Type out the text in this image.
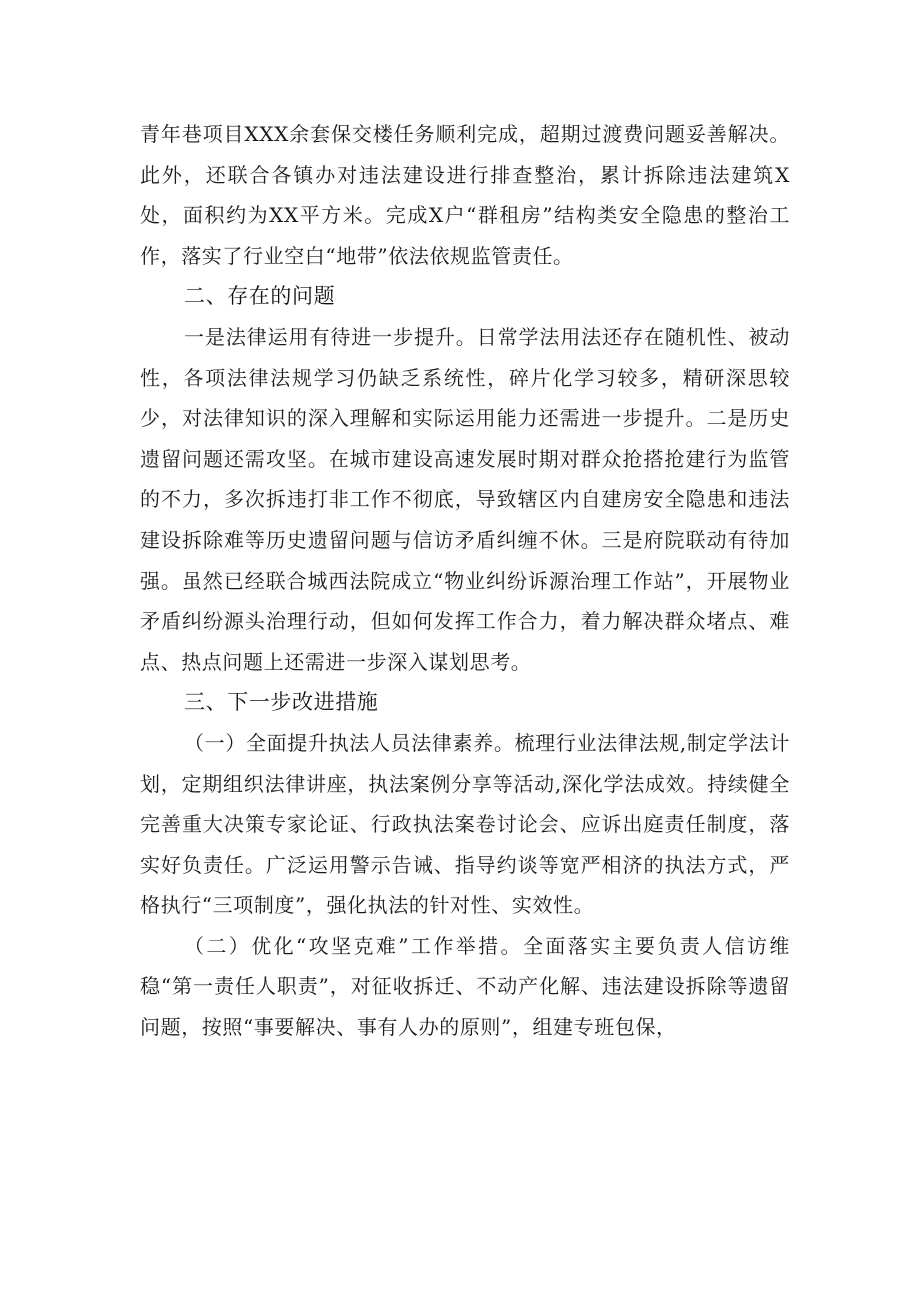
青年巷项目XXX余套保交楼任务顺利完成，超期过渡费问题妥善解决。此外，还联合各镇办对违法建设进行排查整治，累计拆除违法建筑X处，面积约为XX平方米。完成X户“群租房”结构类安全隐患的整治工作，落实了行业空白“地带”依法依规监管责任。

二、存在的问题

一是法律运用有待进一步提升。日常学法用法还存在随机性、被动性，各项法律法规学习仍缺乏系统性，碎片化学习较多，精研深思较少，对法律知识的深入理解和实际运用能力还需进一步提升。二是历史遗留问题还需攻坚。在城市建设高速发展时期对群众抢搭抢建行为监管的不力，多次拆违打非工作不彻底，导致辖区内自建房安全隐患和违法建设拆除难等历史遗留问题与信访矛盾纠缠不休。三是府院联动有待加强。虽然已经联合城西法院成立“物业纠纷诉源治理工作站”，开展物业矛盾纠纷源头治理行动，但如何发挥工作合力，着力解决群众堵点、难点、热点问题上还需进一步深入谋划思考。

三、下一步改进措施

（一）全面提升执法人员法律素养。梳理行业法律法规,制定学法计划，定期组织法律讲座，执法案例分享等活动,深化学法成效。持续健全完善重大决策专家论证、行政执法案卷讨论会、应诉出庭责任制度，落实好负责任。广泛运用警示告诫、指导约谈等宽严相济的执法方式，严格执行“三项制度”，强化执法的针对性、实效性。

（二）优化“攻坚克难”工作举措。全面落实主要负责人信访维稳“第一责任人职责”，对征收拆迁、不动产化解、违法建设拆除等遗留问题，按照“事要解决、事有人办的原则”，组建专班包保，
